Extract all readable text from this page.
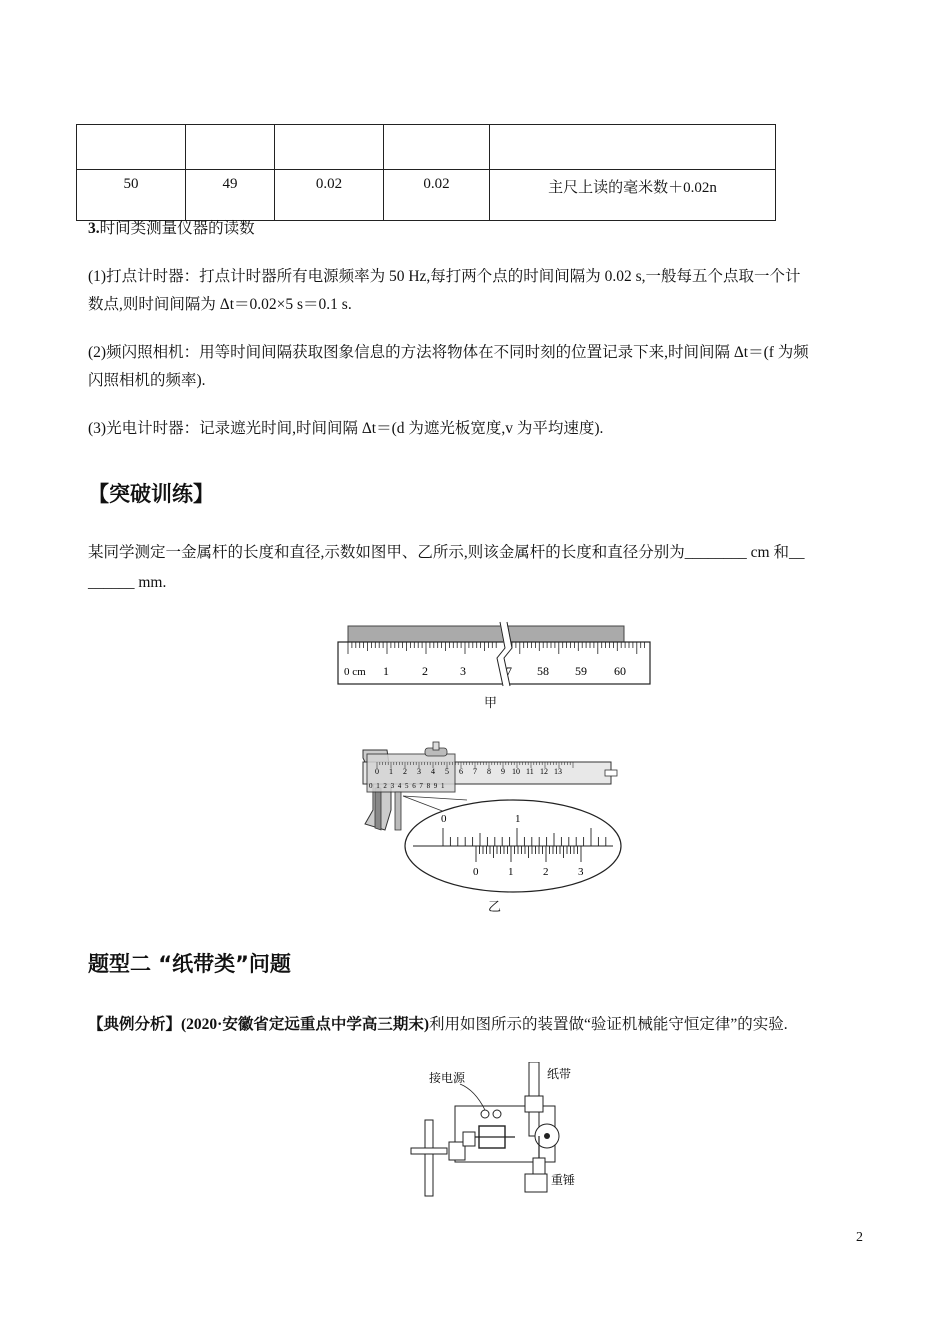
50	49	0.02	0.02	主尺上读的毫米数＋0.02n
3.时间类测量仪器的读数
(1)打点计时器：打点计时器所有电源频率为 50 Hz,每打两个点的时间间隔为 0.02 s,一般每五个点取一个计
数点,则时间间隔为 Δt＝0.02×5 s＝0.1 s.
(2)频闪照相机：用等时间间隔获取图象信息的方法将物体在不同时刻的位置记录下来,时间间隔 Δt＝(f 为频
闪照相机的频率).
(3)光电计时器：记录遮光时间,时间间隔 Δt＝(d 为遮光板宽度,v 为平均速度).
【突破训练】
某同学测定一金属杆的长度和直径,示数如图甲、乙所示,则该金属杆的长度和直径分别为________ cm 和__
______ mm.
0 cm 1	2	3	7 58 59 60
甲
0 1 2 3 4 5 6 7 8 9 10 11 12 13
0 1 2 3 4 5 6 7 8 9 1
0	1
0	1	2	3
乙
题型二 “纸带类”问题
【典例分析】(2020·安徽省定远重点中学高三期末)利用如图所示的装置做“验证机械能守恒定律”的实验.
接电源	纸带
重锤
2
